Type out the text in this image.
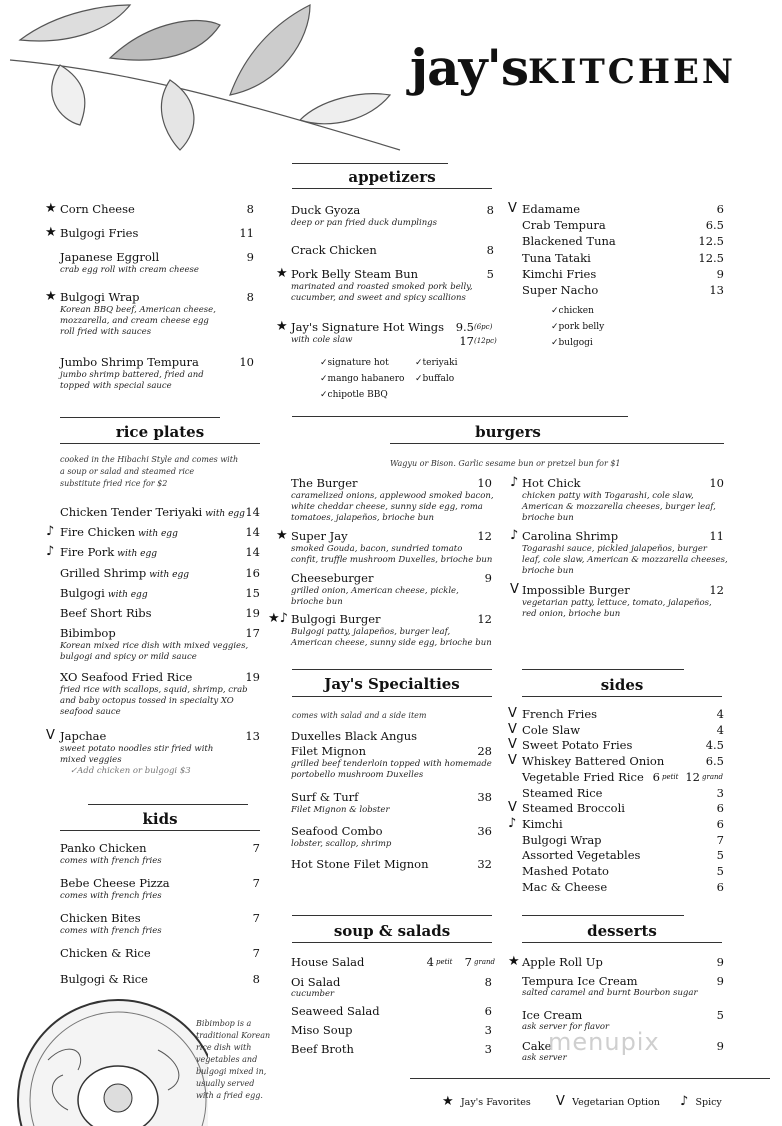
jay's KITCHEN
appetizers
★ Corn Cheese	8
★ Bulgogi Fries	11
Japanese Eggroll	9
crab egg roll with cream cheese
★ Bulgogi Wrap	8
Korean BBQ beef, American cheese,
mozzarella, and cream cheese egg
roll fried with sauces
Jumbo Shrimp Tempura	10
jumbo shrimp battered, fried and
topped with special sauce
Duck Gyoza	8
deep or pan fried duck dumplings
Crack Chicken	8
★ Pork Belly Steam Bun	5
marinated and roasted smoked pork belly,
cucumber, and sweet and spicy scallions
★ Jay's Signature Hot Wings	9.5 (6pc)
17 (12pc)
with cole slaw
✓signature hot	✓teriyaki
✓mango habanero ✓buffalo
✓chipotle BBQ
V Edamame	6
Crab Tempura	6.5
Blackened Tuna	12.5
Tuna Tataki	12.5
Kimchi Fries	9
Super Nacho	13
✓chicken
✓pork belly
✓bulgogi
rice plates
cooked in the Hibachi Style and comes with
a soup or salad and steamed rice
substitute fried rice for $2
Chicken Tender Teriyaki with egg 14
♪ Fire Chicken with egg	14
♪ Fire Pork with egg	14
Grilled Shrimp with egg	16
Bulgogi with egg	15
Beef Short Ribs	19
Bibimbop	17
Korean mixed rice dish with mixed veggies,
bulgogi and spicy or mild sauce
XO Seafood Fried Rice	19
fried rice with scallops, squid, shrimp, crab
and baby octopus tossed in specialty XO
seafood sauce
V Japchae	13
sweet potato noodles stir fried with
mixed veggies
✓Add chicken or bulgogi $3
burgers
Wagyu or Bison. Garlic sesame bun or pretzel bun for $1
The Burger	10
caramelized onions, applewood smoked bacon,
white cheddar cheese, sunny side egg, roma
tomatoes, jalapeños, brioche bun
★ Super Jay	12
smoked Gouda, bacon, sundried tomato
confit, truffle mushroom Duxelles, brioche bun
Cheeseburger	9
grilled onion, American cheese, pickle,
brioche bun
★♪ Bulgogi Burger	12
Bulgogi patty, jalapeños, burger leaf,
American cheese, sunny side egg, brioche bun
♪ Hot Chick	10
chicken patty with Togarashi, cole slaw,
American & mozzarella cheeses, burger leaf,
brioche bun
♪ Carolina Shrimp	11
Togarashi sauce, pickled jalapeños, burger
leaf, cole slaw, American & mozzarella cheeses,
brioche bun
V Impossible Burger	12
vegetarian patty, lettuce, tomato, jalapeños,
red onion, brioche bun
kids
Panko Chicken	7
comes with french fries
Bebe Cheese Pizza	7
comes with french fries
Chicken Bites	7
comes with french fries
Chicken & Rice	7
Bulgogi & Rice	8
Jay's Specialties
comes with salad and a side item
Duxelles Black Angus
Filet Mignon	28
grilled beef tenderloin topped with homemade
portobello mushroom Duxelles
Surf & Turf	38
Filet Mignon & lobster
Seafood Combo	36
lobster, scallop, shrimp
Hot Stone Filet Mignon	32
sides
V French Fries	4
V Cole Slaw	4
V Sweet Potato Fries	4.5
V Whiskey Battered Onion	6.5
Vegetable Fried Rice 6 petit 12 grand
Steamed Rice	3
V Steamed Broccoli	6
♪ Kimchi	6
Bulgogi Wrap	7
Assorted Vegetables	5
Mashed Potato	5
Mac & Cheese	6
soup & salads
House Salad	4 petit	7 grand
Oi Salad	8
cucumber
Seaweed Salad	6
Miso Soup	3
Beef Broth	3
desserts
★ Apple Roll Up	9
Tempura Ice Cream	9
salted caramel and burnt Bourbon sugar
Ice Cream	5
ask server for flavor
Cake	9
ask server
Bibimbop is a
traditional Korean
rice dish with
vegetables and
bulgogi mixed in,
usually served
with a fried egg.	★ Jay's Favorites V Vegetarian Option ♪ Spicy
menupix
